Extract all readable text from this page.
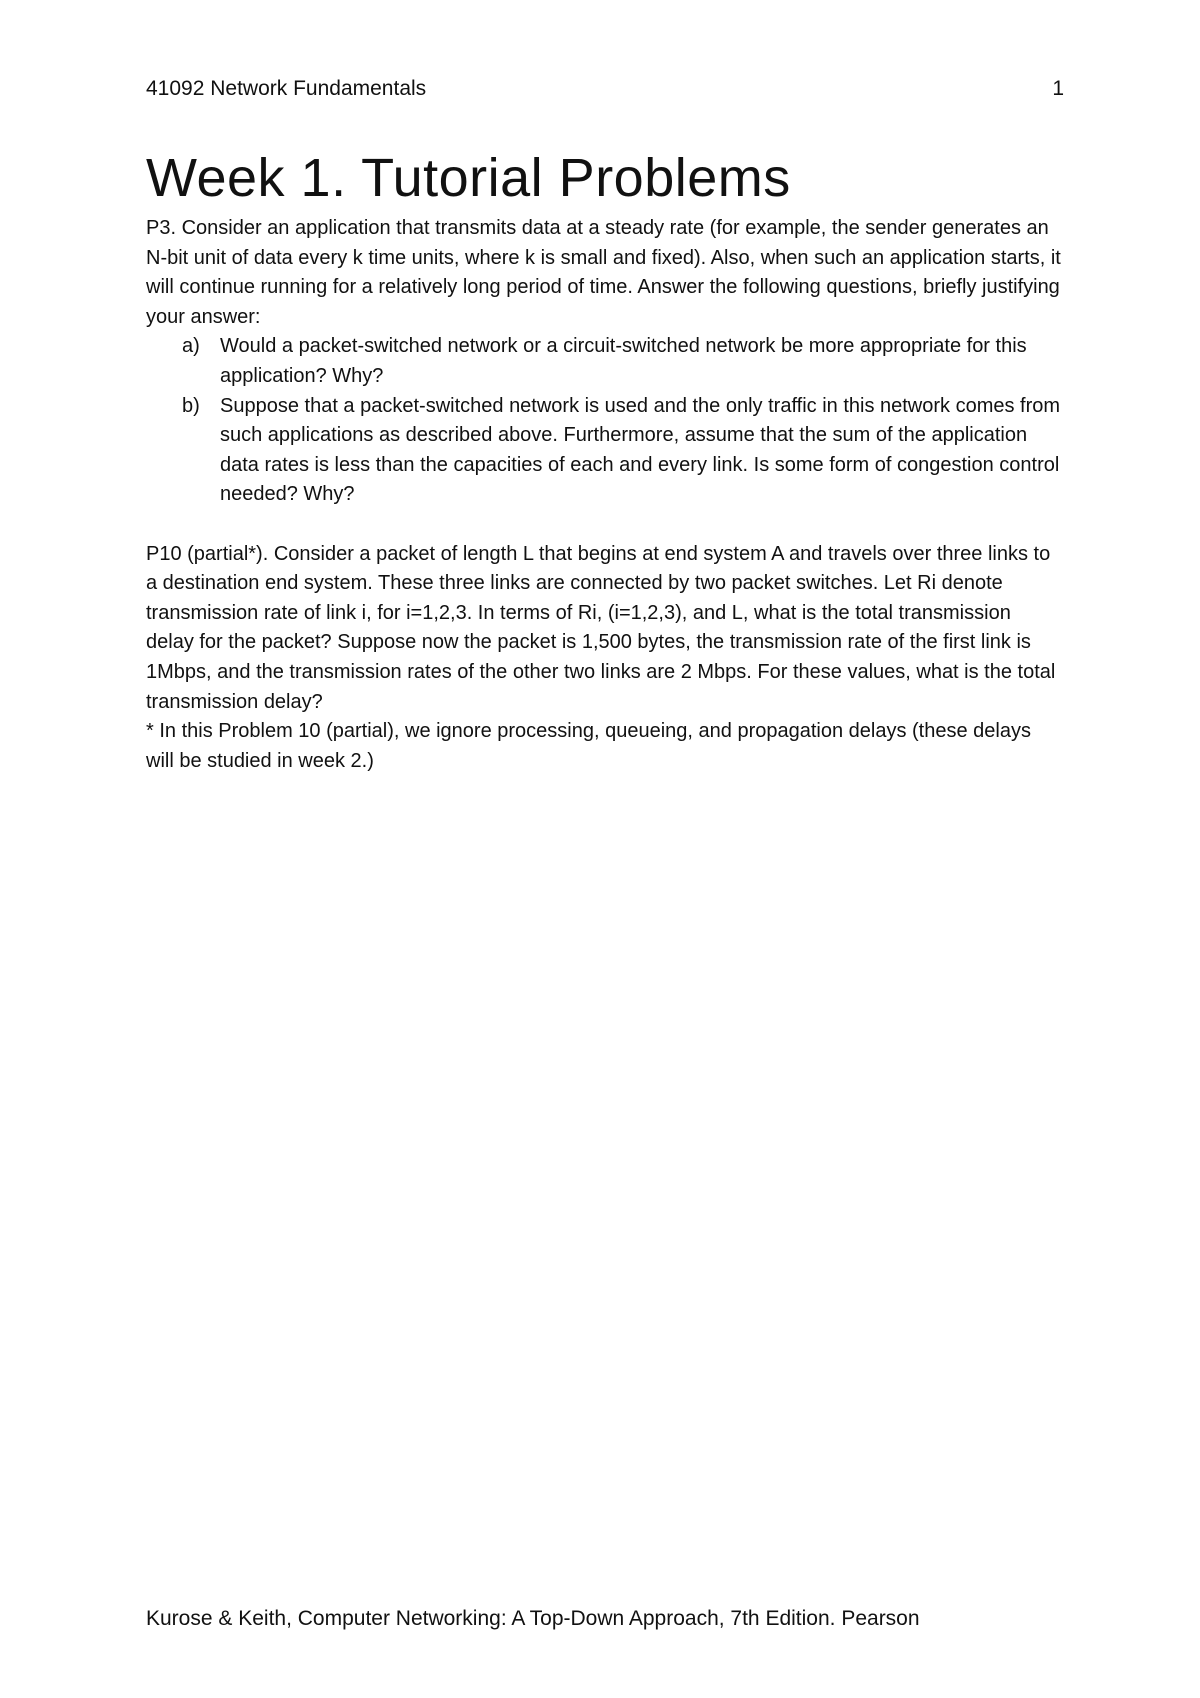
41092 Network Fundamentals	1
Week 1. Tutorial Problems

P3. Consider an application that transmits data at a steady rate (for example, the sender generates an N-bit unit of data every k time units, where k is small and fixed). Also, when such an application starts, it will continue running for a relatively long period of time. Answer the following questions, briefly justifying your answer:

a) Would a packet-switched network or a circuit-switched network be more appropriate for this application? Why?
b) Suppose that a packet-switched network is used and the only traffic in this network comes from such applications as described above. Furthermore, assume that the sum of the application data rates is less than the capacities of each and every link. Is some form of congestion control needed? Why?

P10 (partial*). Consider a packet of length L that begins at end system A and travels over three links to a destination end system. These three links are connected by two packet switches. Let Ri denote transmission rate of link i, for i=1,2,3. In terms of Ri, (i=1,2,3), and L, what is the total transmission delay for the packet? Suppose now the packet is 1,500 bytes, the transmission rate of the first link is 1Mbps, and the transmission rates of the other two links are 2 Mbps. For these values, what is the total transmission delay?

* In this Problem 10 (partial), we ignore processing, queueing, and propagation delays (these delays will be studied in week 2.)

Kurose & Keith, Computer Networking: A Top-Down Approach, 7th Edition. Pearson
